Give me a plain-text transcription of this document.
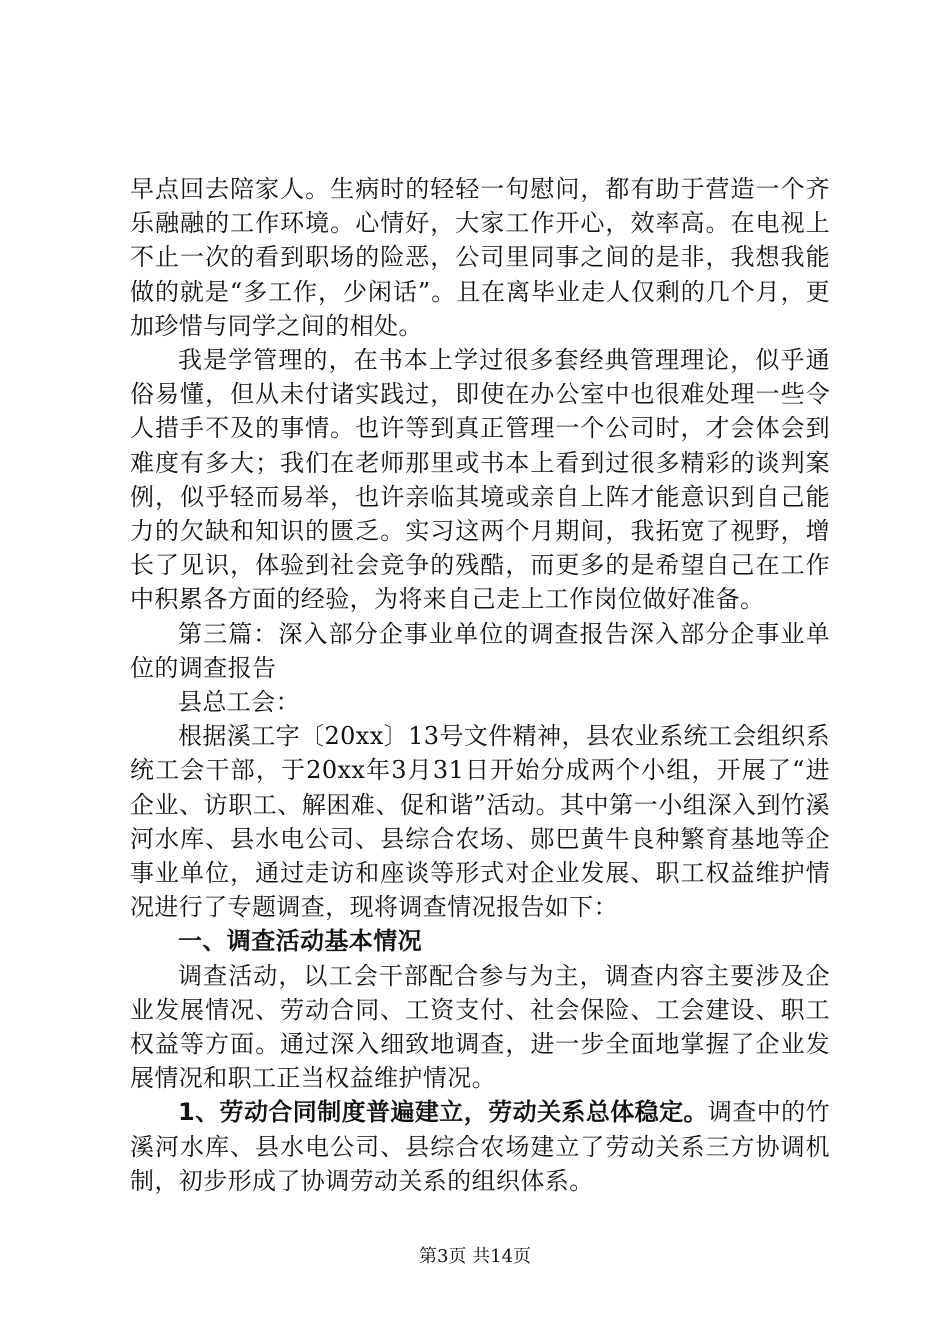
早点回去陪家人。生病时的轻轻一句慰问，都有助于营造一个齐乐融融的工作环境。心情好，大家工作开心，效率高。在电视上不止一次的看到职场的险恶，公司里同事之间的是非，我想我能做的就是“多工作，少闲话”。且在离毕业走人仅剩的几个月，更加珍惜与同学之间的相处。

我是学管理的，在书本上学过很多套经典管理理论，似乎通俗易懂，但从未付诸实践过，即使在办公室中也很难处理一些令人措手不及的事情。也许等到真正管理一个公司时，才会体会到难度有多大；我们在老师那里或书本上看到过很多精彩的谈判案例，似乎轻而易举，也许亲临其境或亲自上阵才能意识到自己能力的欠缺和知识的匮乏。实习这两个月期间，我拓宽了视野，增长了见识，体验到社会竞争的残酷，而更多的是希望自己在工作中积累各方面的经验，为将来自己走上工作岗位做好准备。

第三篇：深入部分企事业单位的调查报告深入部分企事业单位的调查报告

县总工会：

根据溪工字〔20xx〕13号文件精神，县农业系统工会组织系统工会干部，于20xx年3月31日开始分成两个小组，开展了“进企业、访职工、解困难、促和谐”活动。其中第一小组深入到竹溪河水库、县水电公司、县综合农场、郧巴黄牛良种繁育基地等企事业单位，通过走访和座谈等形式对企业发展、职工权益维护情况进行了专题调查，现将调查情况报告如下：

一、调查活动基本情况

调查活动，以工会干部配合参与为主，调查内容主要涉及企业发展情况、劳动合同、工资支付、社会保险、工会建设、职工权益等方面。通过深入细致地调查，进一步全面地掌握了企业发展情况和职工正当权益维护情况。

1、劳动合同制度普遍建立，劳动关系总体稳定。调查中的竹溪河水库、县水电公司、县综合农场建立了劳动关系三方协调机制，初步形成了协调劳动关系的组织体系。

第3页 共14页
